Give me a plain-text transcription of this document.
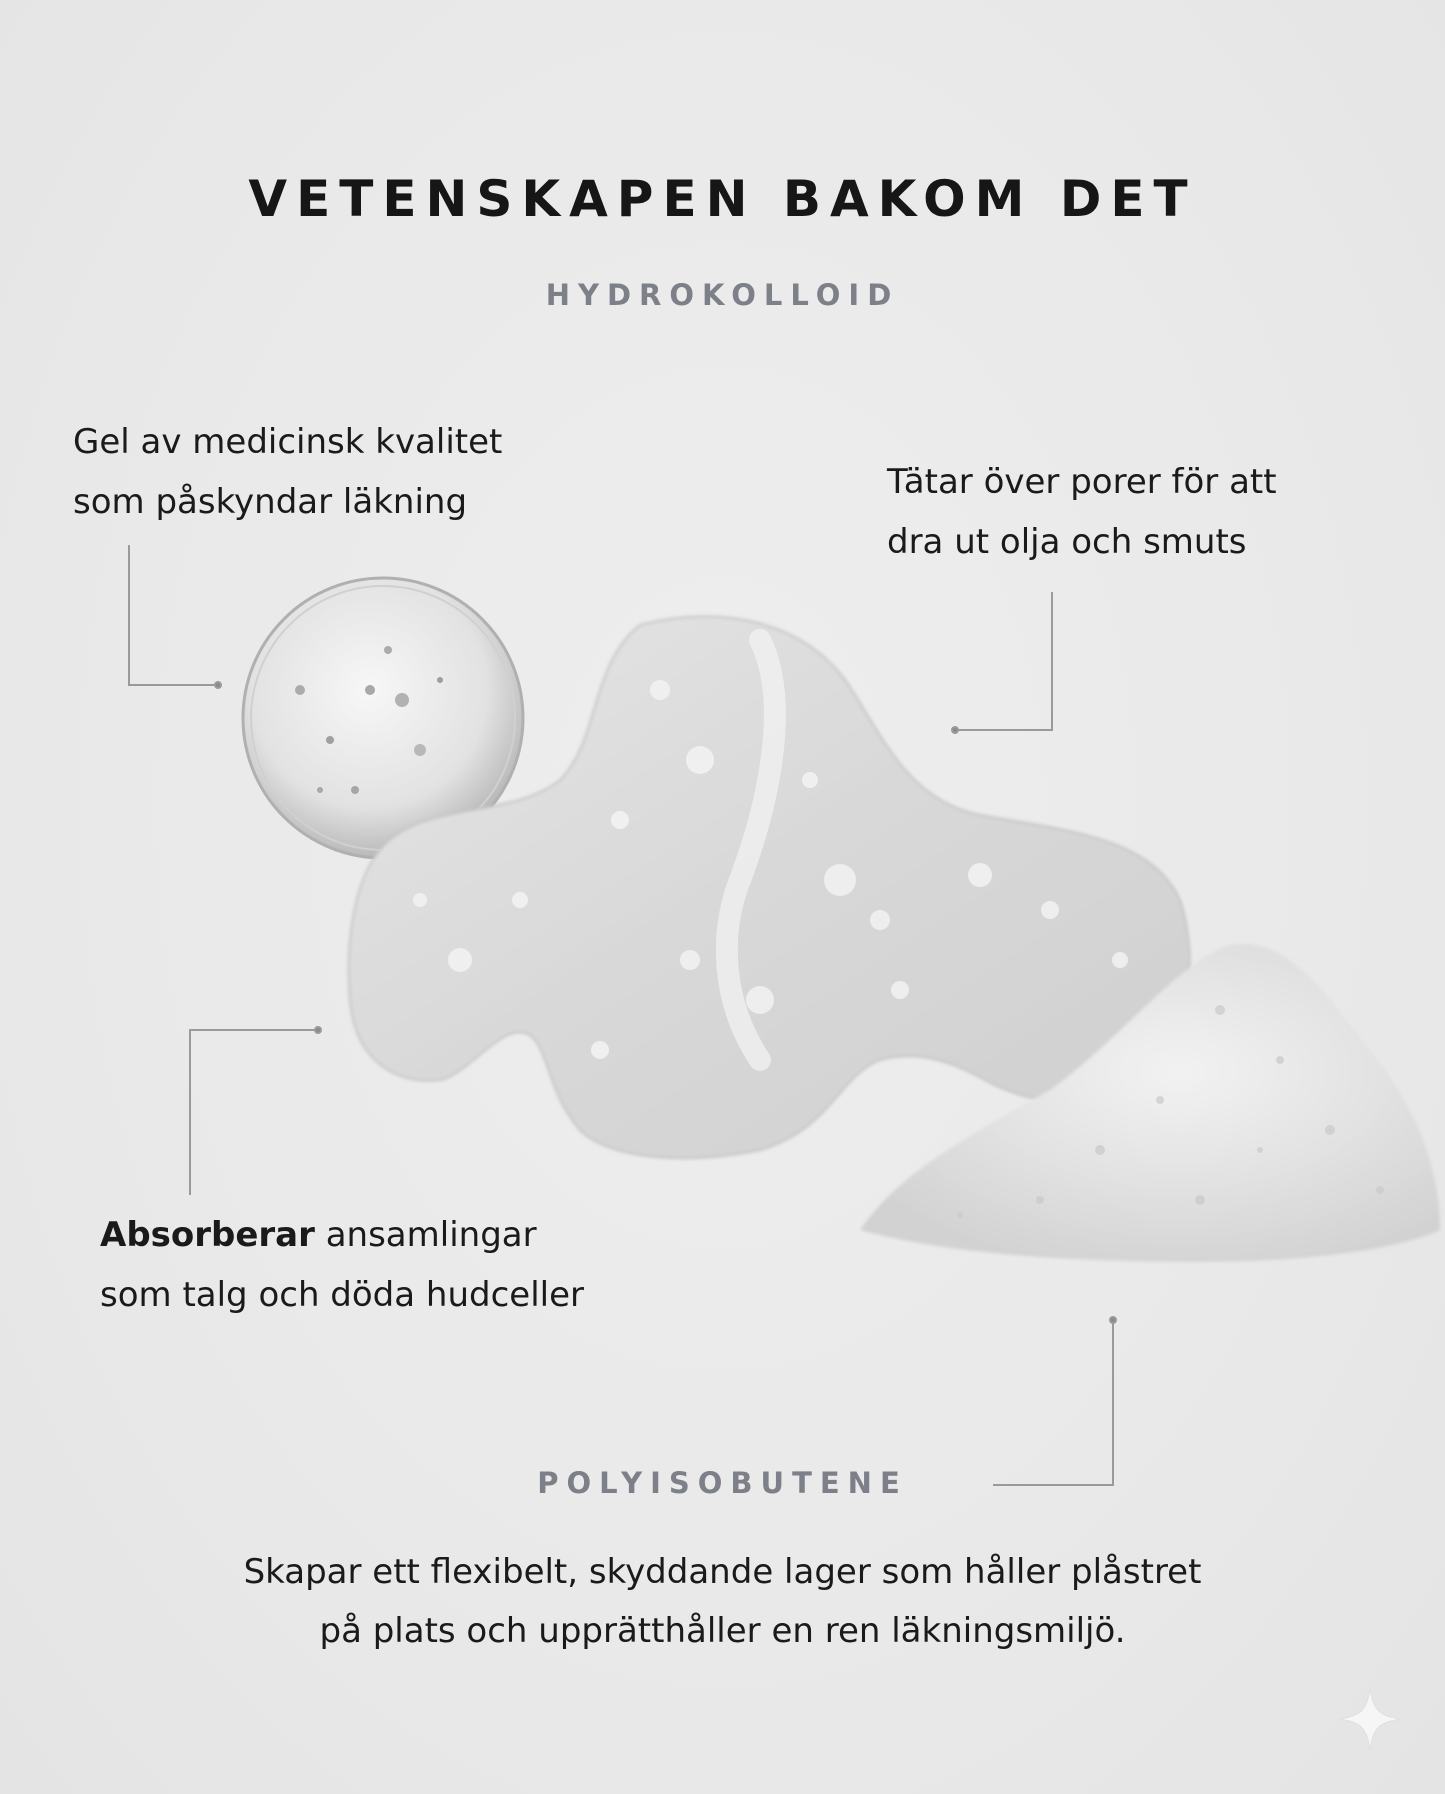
VETENSKAPEN BAKOM DET
HYDROKOLLOID
Gel av medicinsk kvalitet
som påskyndar läkning	Tätar över porer för att
dra ut olja och smuts
Absorberar ansamlingar
som talg och döda hudceller
POLYISOBUTENE
Skapar ett flexibelt, skyddande lager som håller plåstret
på plats och upprätthåller en ren läkningsmiljö.
